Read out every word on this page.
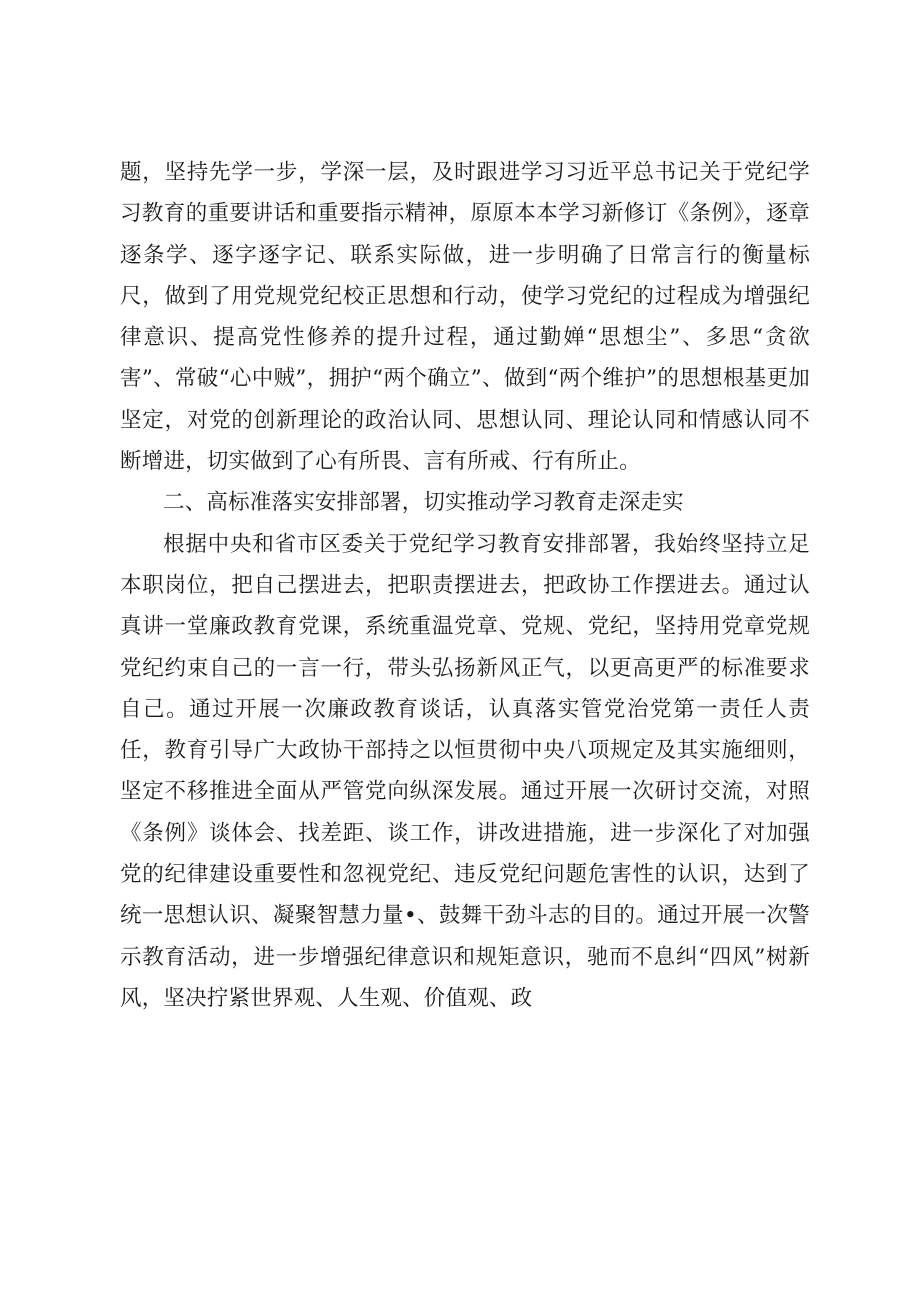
题，坚持先学一步，学深一层，及时跟进学习习近平总书记关于党纪学习教育的重要讲话和重要指示精神，原原本本学习新修订《条例》，逐章逐条学、逐字逐字记、联系实际做，进一步明确了日常言行的衡量标尺，做到了用党规党纪校正思想和行动，使学习党纪的过程成为增强纪律意识、提高党性修养的提升过程，通过勤婵“思想尘”、多思“贪欲害”、常破“心中贼”，拥护“两个确立”、做到“两个维护”的思想根基更加坚定，对党的创新理论的政治认同、思想认同、理论认同和情感认同不断增进，切实做到了心有所畏、言有所戒、行有所止。

二、高标准落实安排部署，切实推动学习教育走深走实

根据中央和省市区委关于党纪学习教育安排部署，我始终坚持立足本职岗位，把自己摆进去，把职责摆进去，把政协工作摆进去。通过认真讲一堂廉政教育党课，系统重温党章、党规、党纪，坚持用党章党规党纪约束自己的一言一行，带头弘扬新风正气，以更高更严的标准要求自己。通过开展一次廉政教育谈话，认真落实管党治党第一责任人责任，教育引导广大政协干部持之以恒贯彻中央八项规定及其实施细则，坚定不移推进全面从严管党向纵深发展。通过开展一次研讨交流，对照《条例》谈体会、找差距、谈工作，讲改进措施，进一步深化了对加强党的纪律建设重要性和忽视党纪、违反党纪问题危害性的认识，达到了统一思想认识、凝聚智慧力量•、鼓舞干劲斗志的目的。通过开展一次警示教育活动，进一步增强纪律意识和规矩意识，驰而不息纠“四风”树新风，坚决拧紧世界观、人生观、价值观、政
